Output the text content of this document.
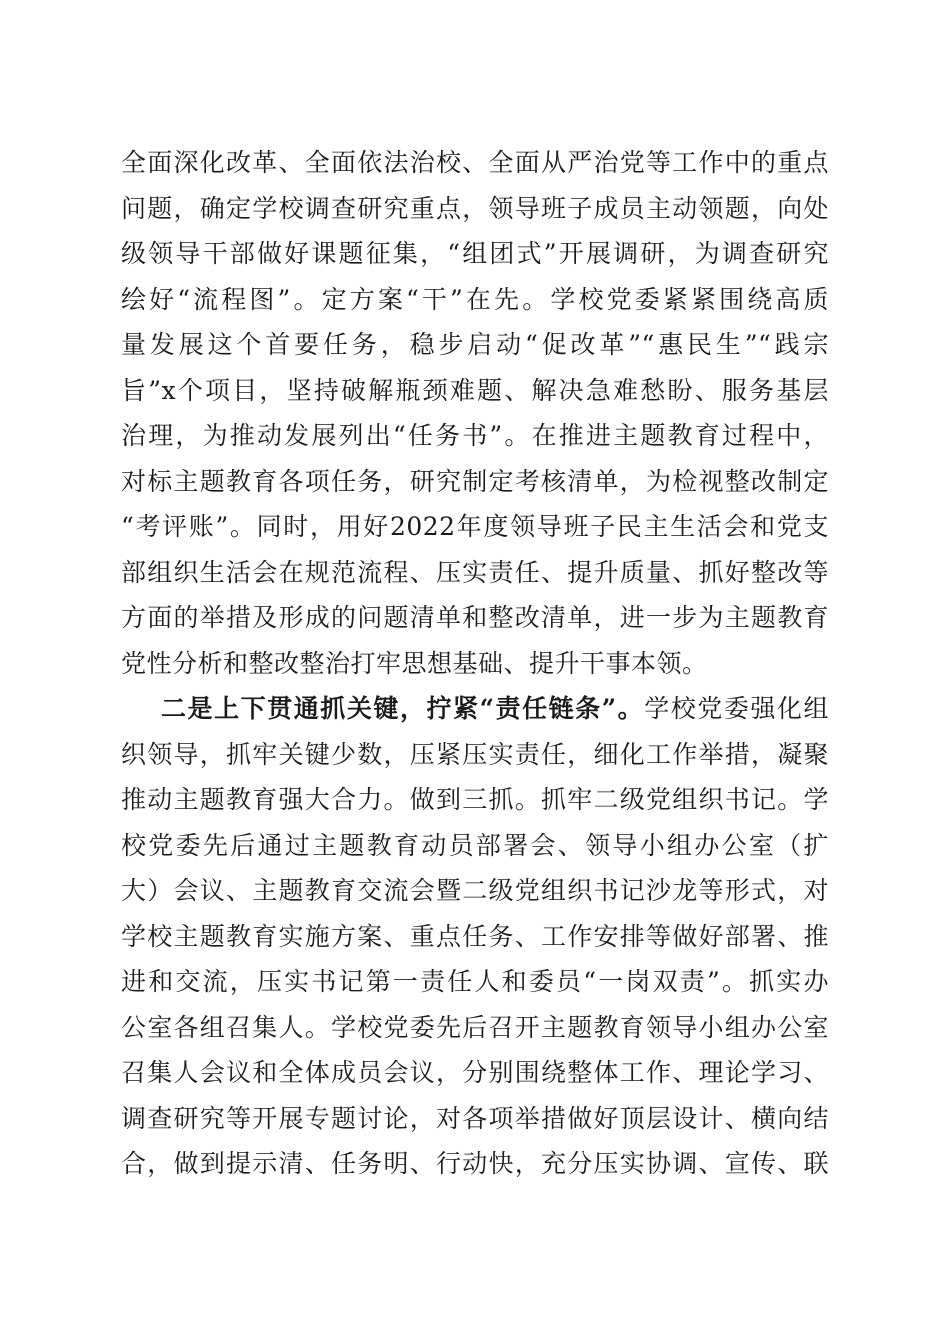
全面深化改革、全面依法治校、全面从严治党等工作中的重点
问题，确定学校调查研究重点，领导班子成员主动领题，向处
级领导干部做好课题征集，“组团式”开展调研，为调查研究
绘好“流程图”。定方案“干”在先。学校党委紧紧围绕高质
量发展这个首要任务，稳步启动“促改革”“惠民生”“践宗
旨”x个项目，坚持破解瓶颈难题、解决急难愁盼、服务基层
治理，为推动发展列出“任务书”。在推进主题教育过程中，
对标主题教育各项任务，研究制定考核清单，为检视整改制定
“考评账”。同时，用好2022年度领导班子民主生活会和党支
部组织生活会在规范流程、压实责任、提升质量、抓好整改等
方面的举措及形成的问题清单和整改清单，进一步为主题教育
党性分析和整改整治打牢思想基础、提升干事本领。
二是上下贯通抓关键，拧紧“责任链条”。学校党委强化组
织领导，抓牢关键少数，压紧压实责任，细化工作举措，凝聚
推动主题教育强大合力。做到三抓。抓牢二级党组织书记。学
校党委先后通过主题教育动员部署会、领导小组办公室（扩
大）会议、主题教育交流会暨二级党组织书记沙龙等形式，对
学校主题教育实施方案、重点任务、工作安排等做好部署、推
进和交流，压实书记第一责任人和委员“一岗双责”。抓实办
公室各组召集人。学校党委先后召开主题教育领导小组办公室
召集人会议和全体成员会议，分别围绕整体工作、理论学习、
调查研究等开展专题讨论，对各项举措做好顶层设计、横向结
合，做到提示清、任务明、行动快，充分压实协调、宣传、联
